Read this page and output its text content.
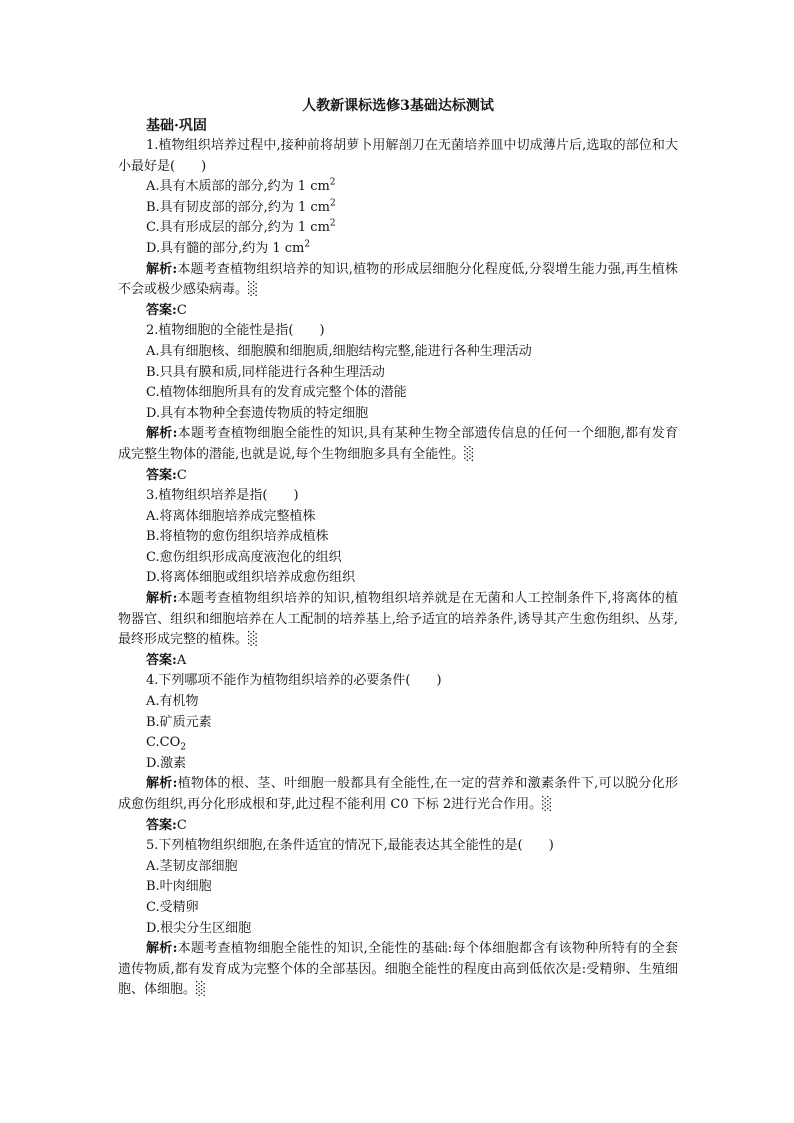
人教新课标选修3基础达标测试

基础·巩固

1.植物组织培养过程中,接种前将胡萝卜用解剖刀在无菌培养皿中切成薄片后,选取的部位和大小最好是(　　)

A.具有木质部的部分,约为 1 $cm^2$

B.具有韧皮部的部分,约为 1 $cm^2$

C.具有形成层的部分,约为 1 $cm^2$

D.具有髓的部分,约为 1 $cm^2$

解析:本题考查植物组织培养的知识,植物的形成层细胞分化程度低,分裂增生能力强,再生植株不会或极少感染病毒。░

答案:C

2.植物细胞的全能性是指(　　)

A.具有细胞核、细胞膜和细胞质,细胞结构完整,能进行各种生理活动

B.只具有膜和质,同样能进行各种生理活动

C.植物体细胞所具有的发育成完整个体的潜能

D.具有本物种全套遗传物质的特定细胞

解析:本题考查植物细胞全能性的知识,具有某种生物全部遗传信息的任何一个细胞,都有发育成完整生物体的潜能,也就是说,每个生物细胞多具有全能性。░

答案:C

3.植物组织培养是指(　　)

A.将离体细胞培养成完整植株

B.将植物的愈伤组织培养成植株

C.愈伤组织形成高度液泡化的组织

D.将离体细胞或组织培养成愈伤组织

解析:本题考查植物组织培养的知识,植物组织培养就是在无菌和人工控制条件下,将离体的植物器官、组织和细胞培养在人工配制的培养基上,给予适宜的培养条件,诱导其产生愈伤组织、丛芽,最终形成完整的植株。░

答案:A

4.下列哪项不能作为植物组织培养的必要条件(　　)

A.有机物

B.矿质元素

$C.CO_2$

D.激素

解析:植物体的根、茎、叶细胞一般都具有全能性,在一定的营养和激素条件下,可以脱分化形成愈伤组织,再分化形成根和芽,此过程不能利用 C0 下标 2进行光合作用。░

答案:C

5.下列植物组织细胞,在条件适宜的情况下,最能表达其全能性的是(　　)

A.茎韧皮部细胞

B.叶肉细胞

C.受精卵

D.根尖分生区细胞

解析:本题考查植物细胞全能性的知识,全能性的基础:每个体细胞都含有该物种所特有的全套遗传物质,都有发育成为完整个体的全部基因。细胞全能性的程度由高到低依次是:受精卵、生殖细胞、体细胞。░
